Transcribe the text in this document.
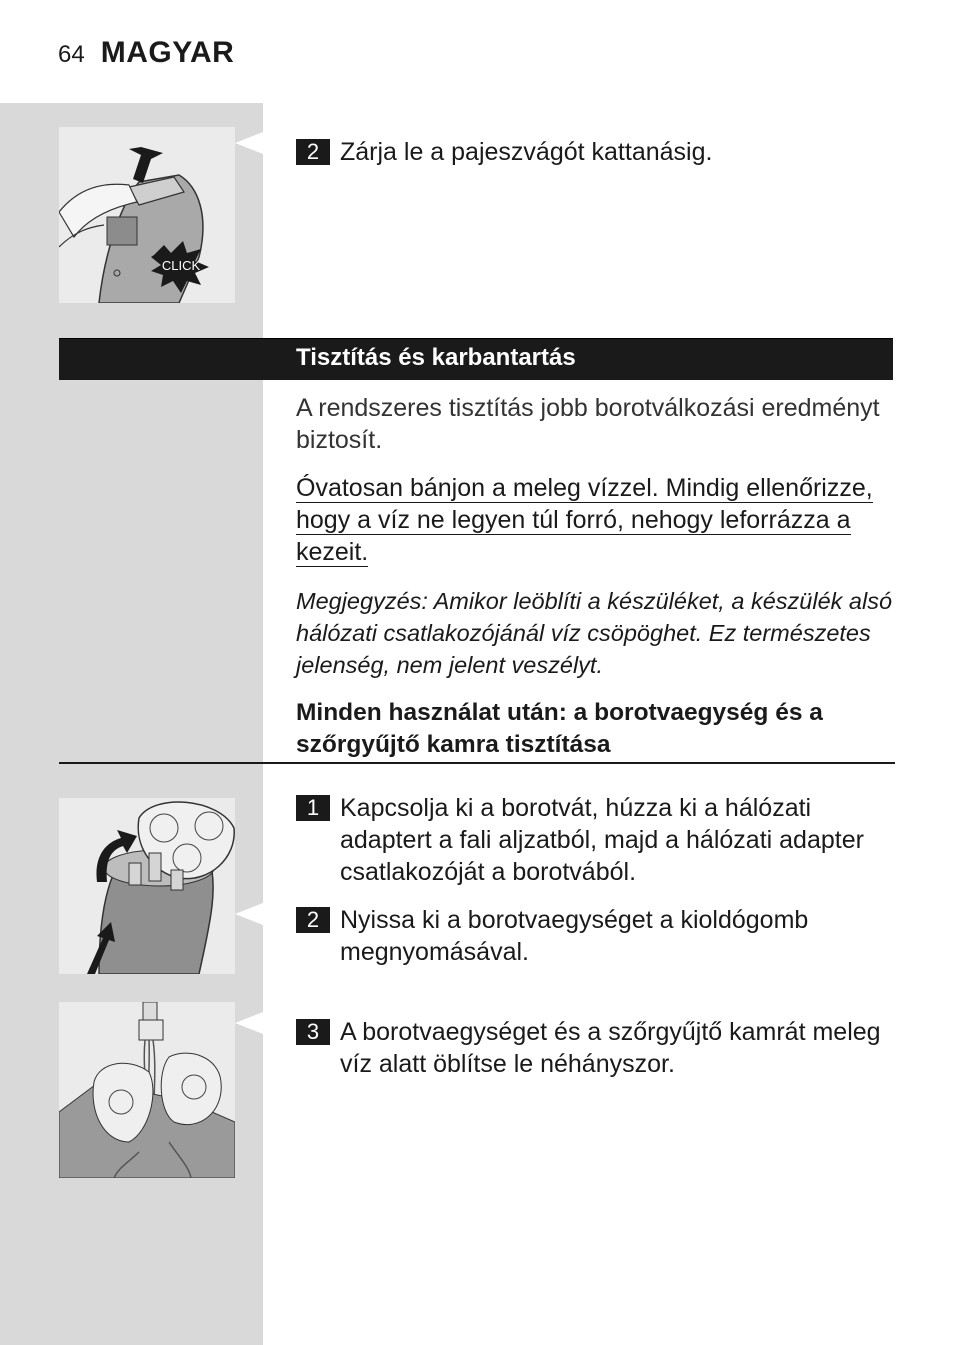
64 MAGYAR
CLICK
2 Zárja le a pajeszvágót kattanásig.
Tisztítás és karbantartás
A rendszeres tisztítás jobb borotválkozási eredményt biztosít.
Óvatosan bánjon a meleg vízzel. Mindig ellenőrizze,
hogy a víz ne legyen túl forró, nehogy leforrázza a
kezeit.
Megjegyzés: Amikor leöblíti a készüléket, a készülék alsó hálózati csatlakozójánál víz csöpöghet. Ez természetes jelenség, nem jelent veszélyt.
Minden használat után: a borotvaegység és a szőrgyűjtő kamra tisztítása
1 Kapcsolja ki a borotvát, húzza ki a hálózati adaptert a fali aljzatból, majd a hálózati adapter csatlakozóját a borotvából.
2 Nyissa ki a borotvaegységet a kioldógomb megnyomásával.
3 A borotvaegységet és a szőrgyűjtő kamrát meleg víz alatt öblítse le néhányszor.
